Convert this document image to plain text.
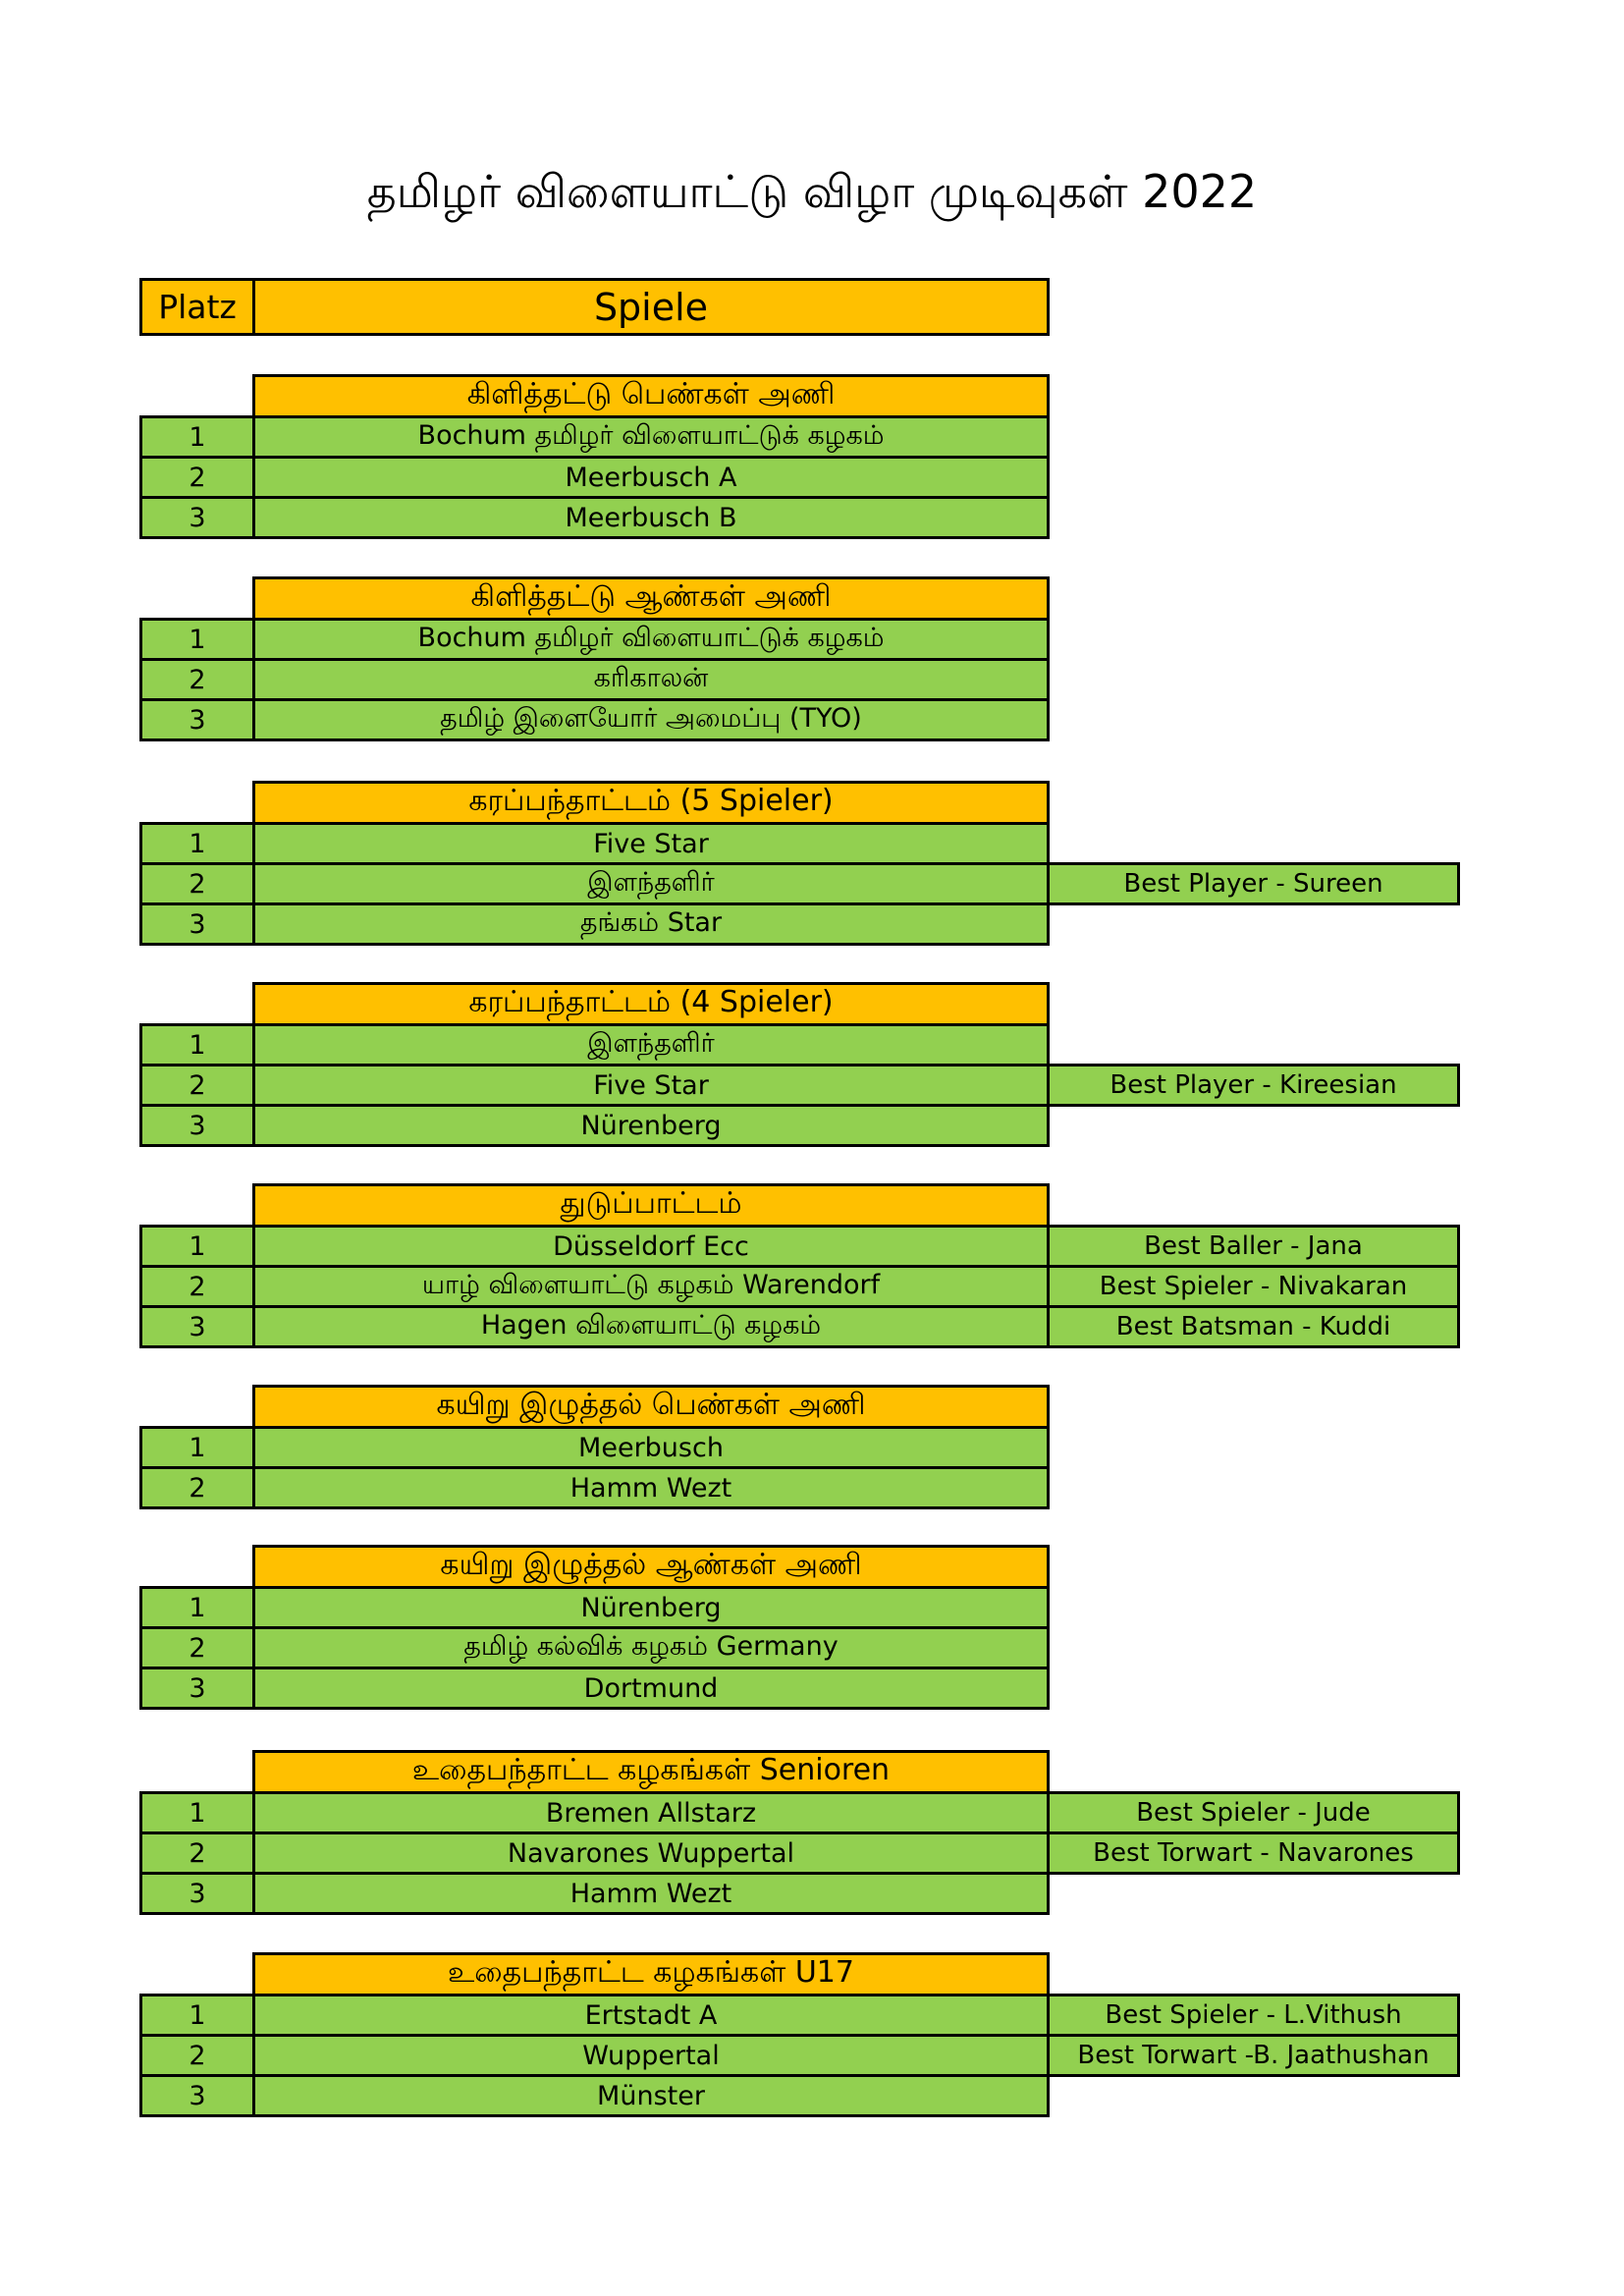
தமிழர் விளையாட்டு விழா முடிவுகள் 2022
Platz	Spiele
கிளித்தட்டு பெண்கள் அணி
1	Bochum தமிழர் விளையாட்டுக் கழகம்
2	Meerbusch A
3	Meerbusch B
கிளித்தட்டு ஆண்கள் அணி
1	Bochum தமிழர் விளையாட்டுக் கழகம்
2	கரிகாலன்
3	தமிழ் இளையோர் அமைப்பு (TYO)
கரப்பந்தாட்டம் (5 Spieler)
1	Five Star
2	இளந்தளிர்	Best Player - Sureen
3	தங்கம் Star
கரப்பந்தாட்டம் (4 Spieler)
1	இளந்தளிர்
2	Five Star	Best Player - Kireesian
3	Nürenberg
துடுப்பாட்டம்
1	Düsseldorf Ecc	Best Baller - Jana
2	யாழ் விளையாட்டு கழகம் Warendorf	Best Spieler - Nivakaran
3	Hagen விளையாட்டு கழகம்	Best Batsman - Kuddi
கயிறு இழுத்தல் பெண்கள் அணி
1	Meerbusch
2	Hamm Wezt
கயிறு இழுத்தல் ஆண்கள் அணி
1	Nürenberg
2	தமிழ் கல்விக் கழகம் Germany
3	Dortmund
உதைபந்தாட்ட கழகங்கள் Senioren
1	Bremen Allstarz	Best Spieler - Jude
2	Navarones Wuppertal	Best Torwart - Navarones
3	Hamm Wezt
உதைபந்தாட்ட கழகங்கள் U17
1	Ertstadt A	Best Spieler - L.Vithush
2	Wuppertal	Best Torwart -B. Jaathushan
3	Münster
